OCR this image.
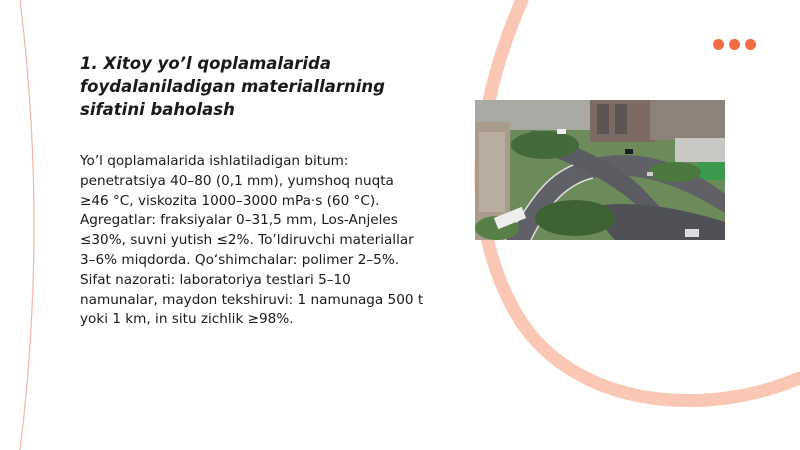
1. Xitoy yo’l qoplamalarida foydalaniladigan materiallarning sifatini baholash

Yo’l qoplamalarida ishlatiladigan bitum: penetratsiya 40–80 (0,1 mm), yumshoq nuqta ≥46 °C, viskozita 1000–3000 mPa·s (60 °C). Agregatlar: fraksiyalar 0–31,5 mm, Los-Anjeles ≤30%, suvni yutish ≤2%. To’ldiruvchi materiallar 3–6% miqdorda. Qo‘shimchalar: polimer 2–5%. Sifat nazorati: laboratoriya testlari 5–10 namunalar, maydon tekshiruvi: 1 namunaga 500 t yoki 1 km, in situ zichlik ≥98%.
